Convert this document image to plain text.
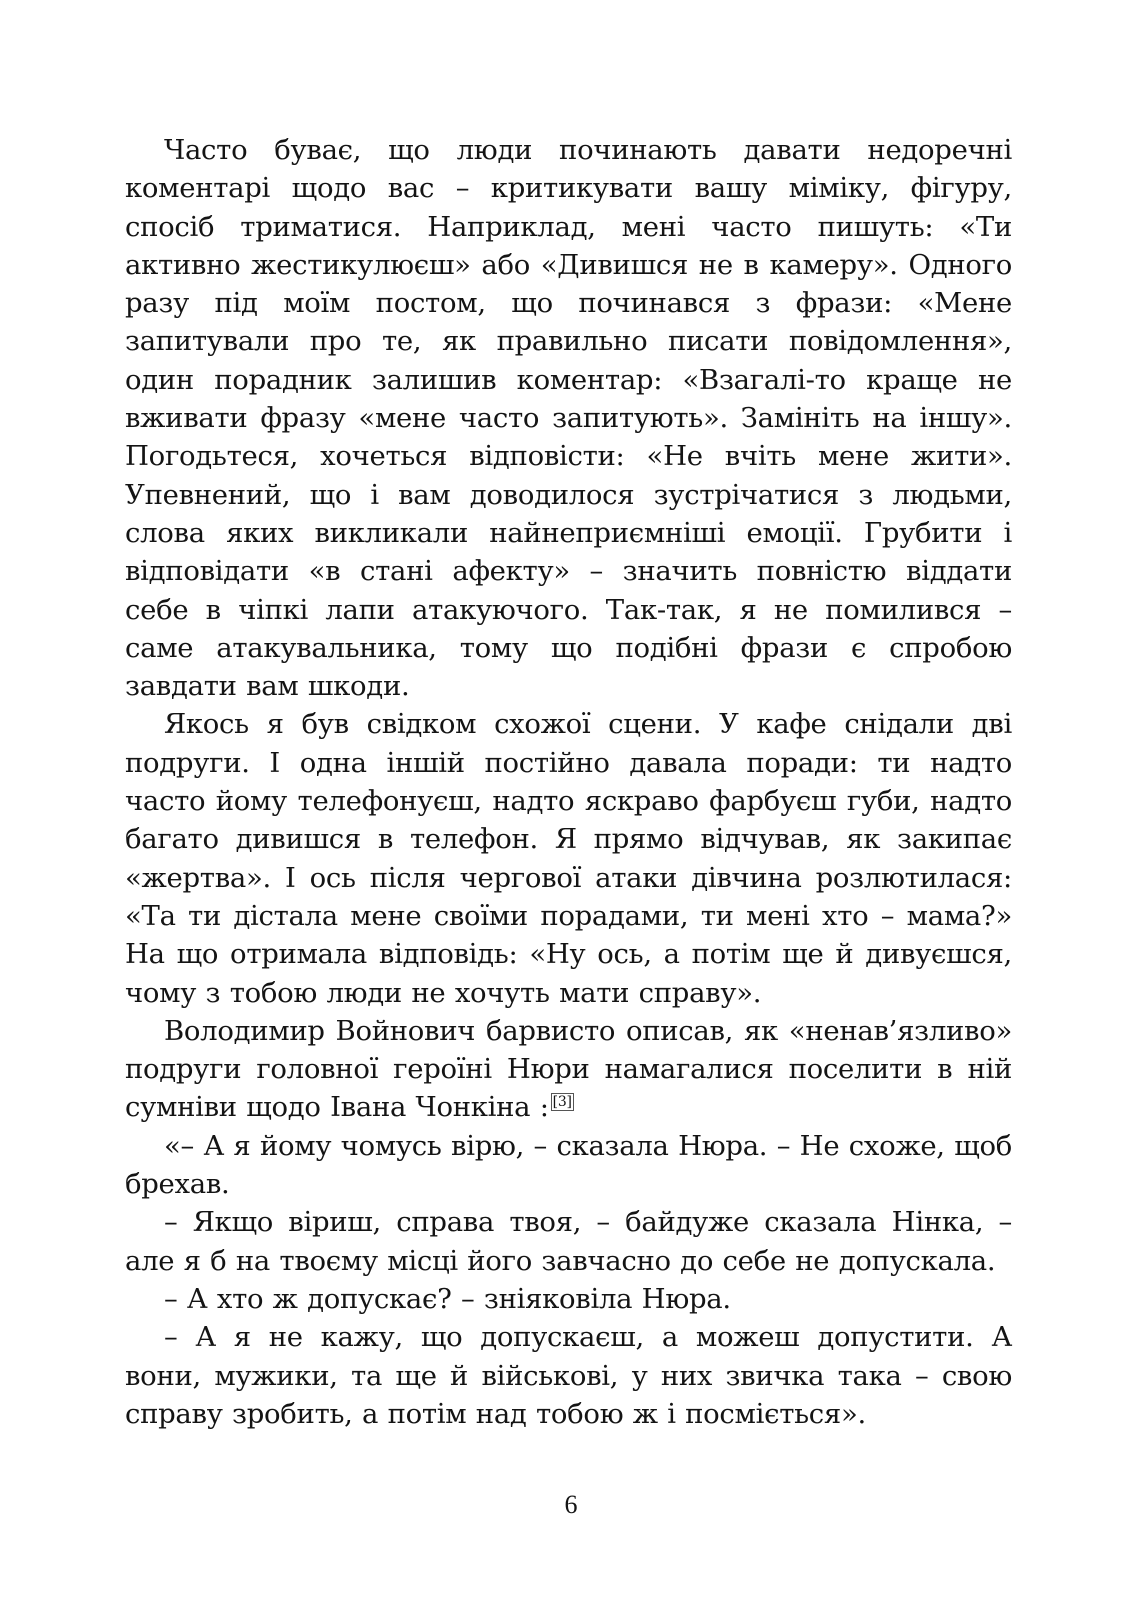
Часто буває, що люди починають давати недоречні коментарі щодо вас – критикувати вашу міміку, фігуру, спосіб триматися. Наприклад, мені часто пишуть: «Ти активно жестикулюєш» або «Дивишся не в камеру». Одного разу під моїм постом, що починався з фрази: «Мене запитували про те, як правильно писати повідомлення», один порадник залишив коментар: «Взагалі-то краще не вживати фразу «мене часто запитують». Замініть на іншу». Погодьтеся, хочеться відповісти: «Не вчіть мене жити». Упевнений, що і вам доводилося зустрічатися з людьми, слова яких викликали найнеприємніші емоції. Грубити і відповідати «в стані афекту» – значить повністю віддати себе в чіпкі лапи атакуючого. Так-так, я не помилився – саме атакувальника, тому що подібні фрази є спробою завдати вам шкоди.

Якось я був свідком схожої сцени. У кафе снідали дві подруги. І одна іншій постійно давала поради: ти надто часто йому телефонуєш, надто яскраво фарбуєш губи, надто багато дивишся в телефон. Я прямо відчував, як закипає «жертва». І ось після чергової атаки дівчина розлютилася: «Та ти дістала мене своїми порадами, ти мені хто – мама?» На що отримала відповідь: «Ну ось, а потім ще й дивуєшся, чому з тобою люди не хочуть мати справу».

Володимир Войнович барвисто описав, як «ненав’язливо» подруги головної героїні Нюри намагалися поселити в ній сумніви щодо Івана Чонкіна : [3]

«– А я йому чомусь вірю, – сказала Нюра. – Не схоже, щоб брехав.

– Якщо віриш, справа твоя, – байдуже сказала Нінка, – але я б на твоєму місці його завчасно до себе не допускала.

– А хто ж допускає? – зніяковіла Нюра.

– А я не кажу, що допускаєш, а можеш допустити. А вони, мужики, та ще й військові, у них звичка така – свою справу зробить, а потім над тобою ж і посміється».

6
